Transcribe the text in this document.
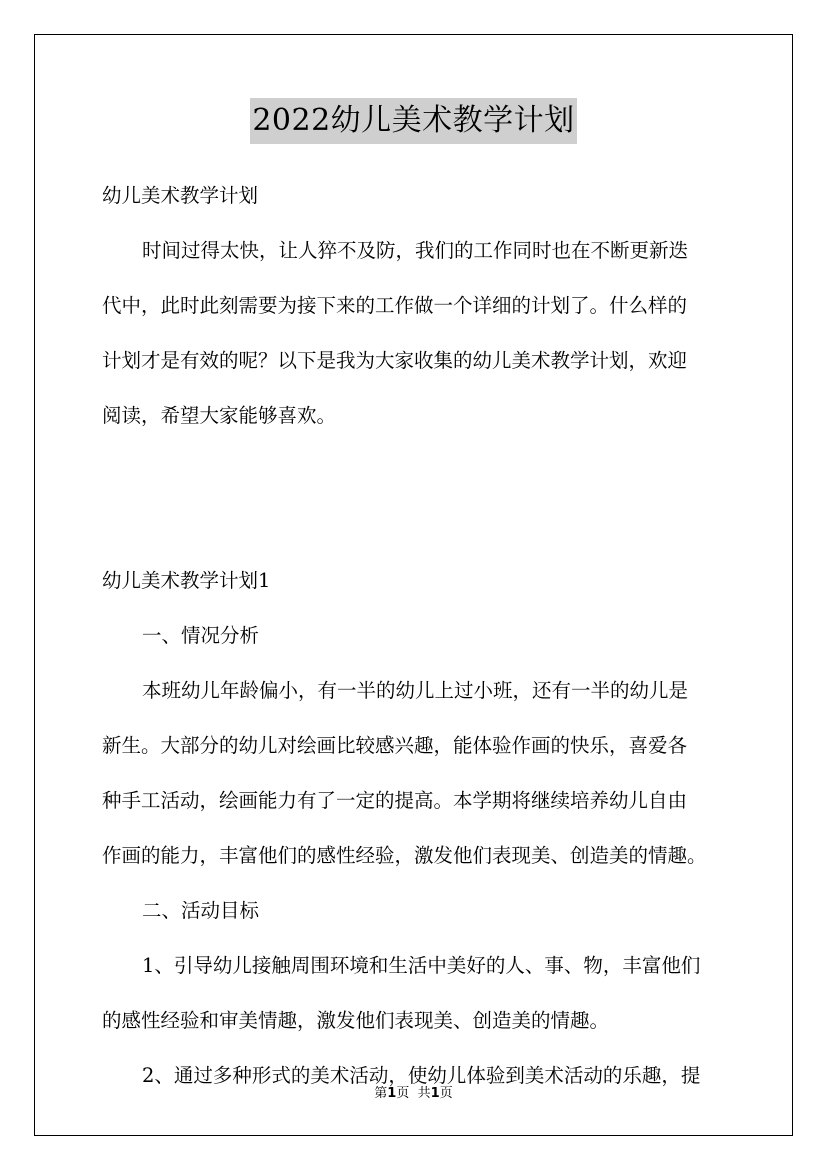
2022幼儿美术教学计划
幼儿美术教学计划
时间过得太快，让人猝不及防，我们的工作同时也在不断更新迭
代中，此时此刻需要为接下来的工作做一个详细的计划了。什么样的
计划才是有效的呢？以下是我为大家收集的幼儿美术教学计划，欢迎
阅读，希望大家能够喜欢。
幼儿美术教学计划1
一、情况分析
本班幼儿年龄偏小，有一半的幼儿上过小班，还有一半的幼儿是
新生。大部分的幼儿对绘画比较感兴趣，能体验作画的快乐，喜爱各
种手工活动，绘画能力有了一定的提高。本学期将继续培养幼儿自由
作画的能力，丰富他们的感性经验，激发他们表现美、创造美的情趣。
二、活动目标
1、引导幼儿接触周围环境和生活中美好的人、事、物，丰富他们
的感性经验和审美情趣，激发他们表现美、创造美的情趣。
2、通过多种形式的美术活动，使幼儿体验到美术活动的乐趣，提
第1页 共1页
